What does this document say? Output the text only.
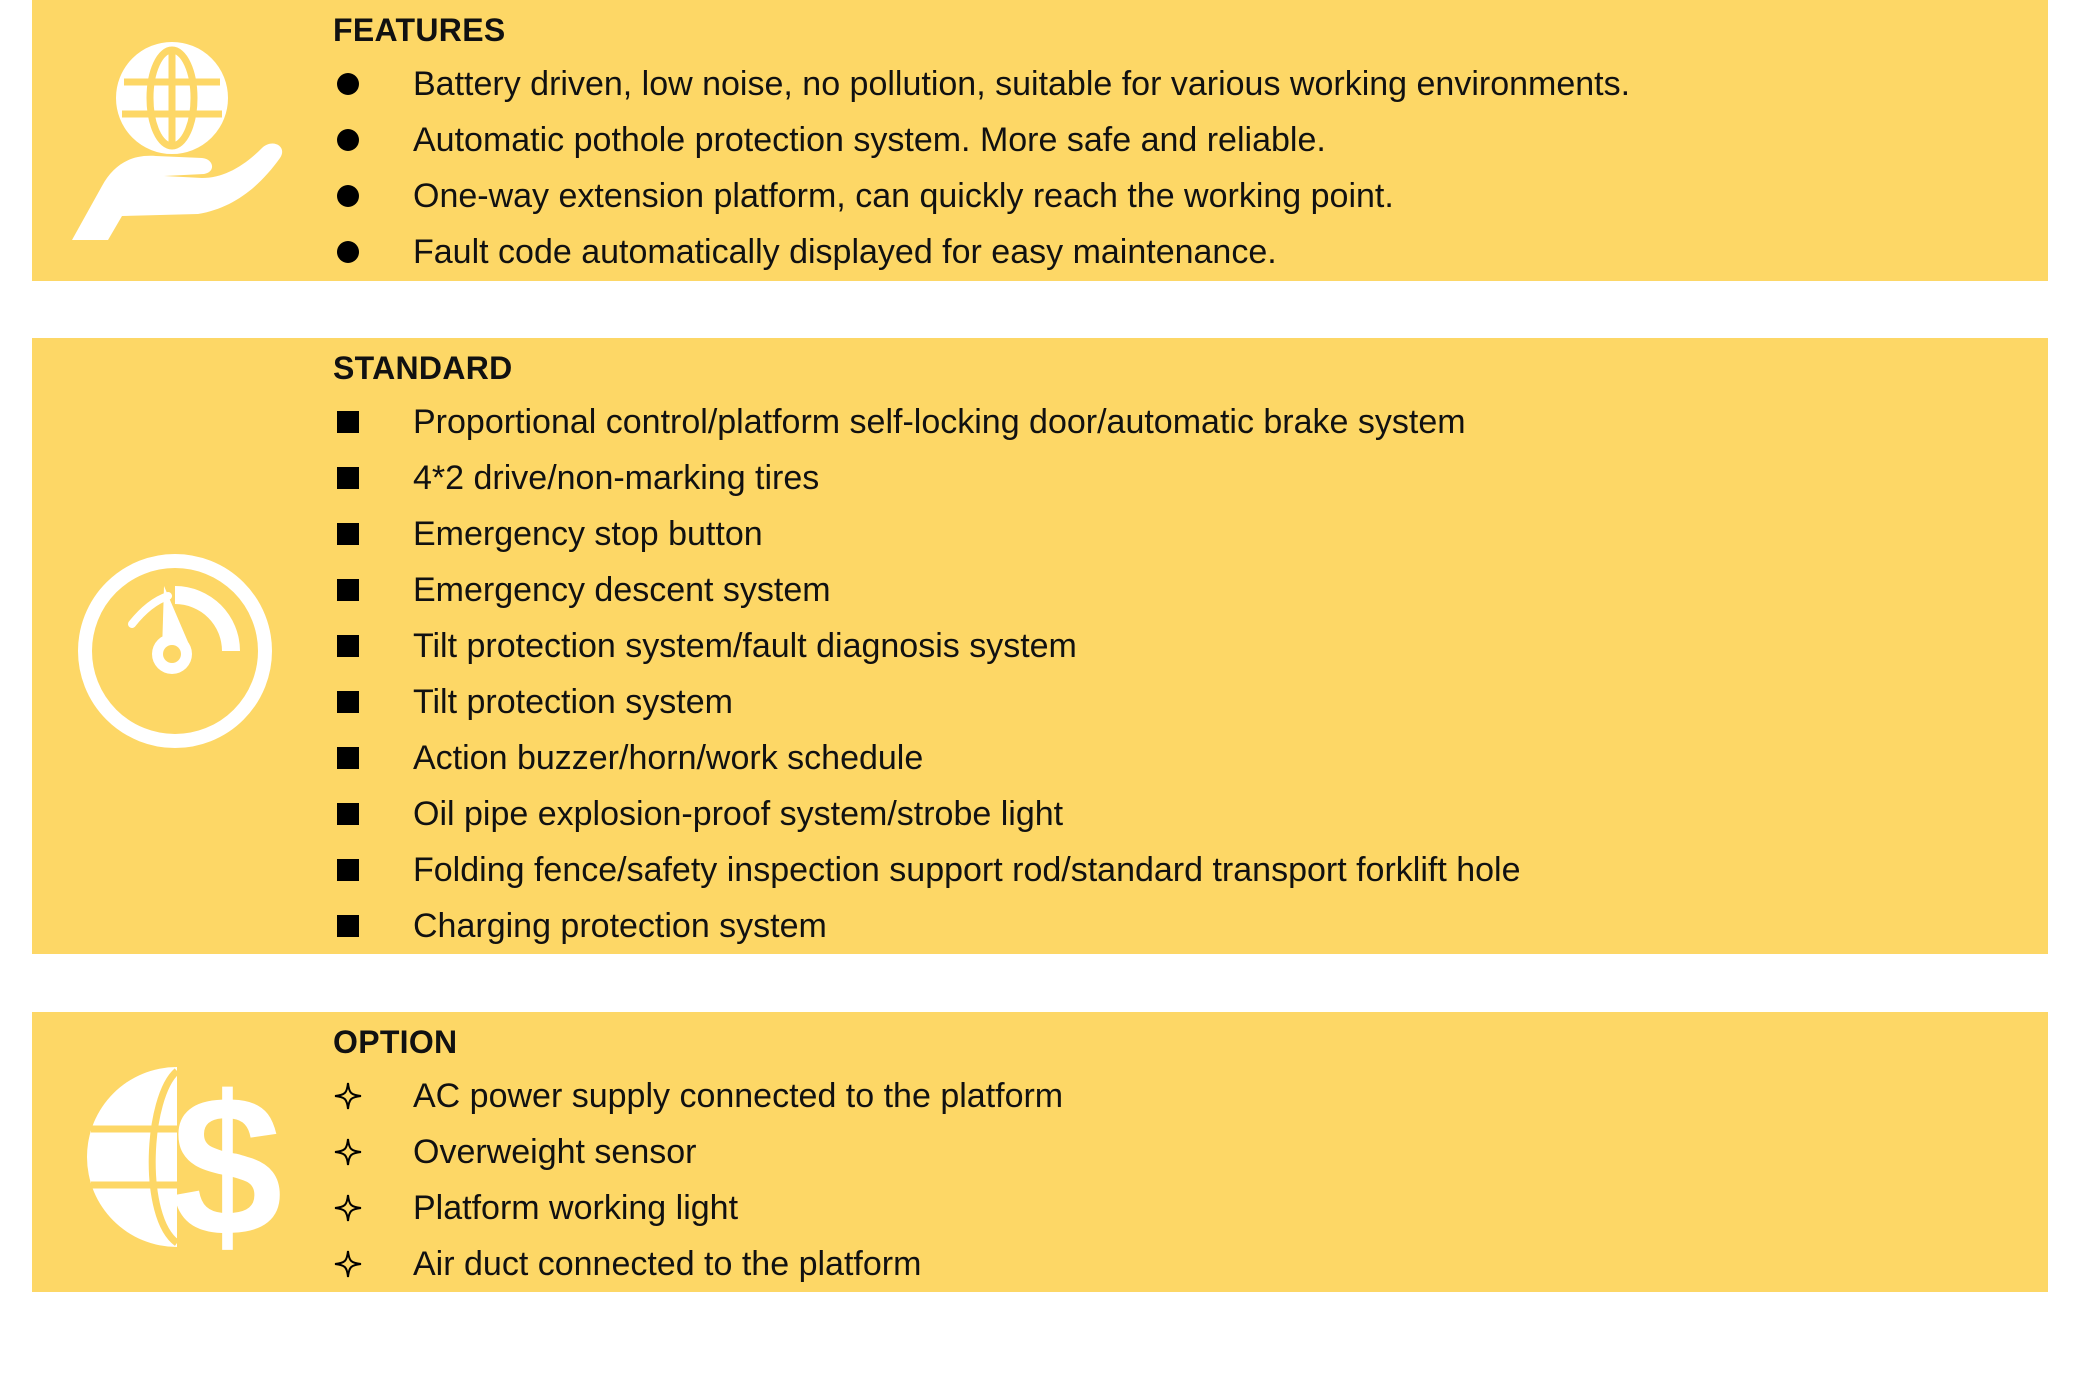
FEATURES
Battery driven, low noise, no pollution, suitable for various working environments.
Automatic pothole protection system. More safe and reliable.
One-way extension platform, can quickly reach the working point.
Fault code automatically displayed for easy maintenance.
STANDARD
Proportional control/platform self-locking door/automatic brake system
4*2 drive/non-marking tires
Emergency stop button
Emergency descent system
Tilt protection system/fault diagnosis system
Tilt protection system
Action buzzer/horn/work schedule
Oil pipe explosion-proof system/strobe light
Folding fence/safety inspection support rod/standard transport forklift hole
Charging protection system
$
OPTION
AC power supply connected to the platform
Overweight sensor
Platform working light
Air duct connected to the platform
